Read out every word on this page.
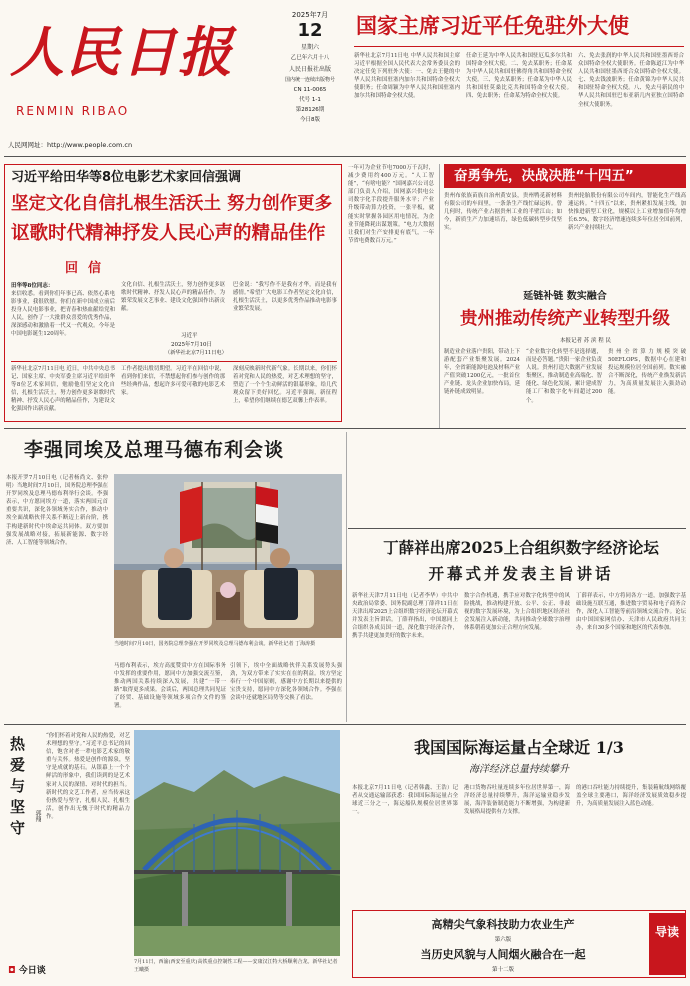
人民日报
RENMIN RIBAO
人民网网址：http://www.people.com.cn
2025年7月
12
星期六
乙巳年六月十八
人民日报社出版
国内统一连续出版物号
CN 11-0065
代号 1-1
第28126期
今日8版
国家主席习近平任免驻外大使
新华社北京7月11日电 中华人民共和国主席习近平根据全国人民代表大会常务委员会的决定任免下列驻外大使：一、免去王健的中华人民共和国驻塞内加尔共和国特命全权大使职务；任命周颖为中华人民共和国驻塞内加尔共和国特命全权大使。
任命王延为中华人民共和国驻厄瓜多尔共和国特命全权大使。二、免去某职务；任命某为中华人民共和国驻佛得角共和国特命全权大使。三、免去某职务；任命某为中华人民共和国驻莫桑比克共和国特命全权大使。四、免去职务；任命某为特命全权大使。
六、免去张润的中华人民共和国驻墨西哥合众国特命全权大使职务。任命陈道江为中华人民共和国驻墨西哥合众国特命全权大使。七、免去钱波职务；任命黄锦为中华人民共和国驻特命全权大使。八、免去马新民的中华人民共和国驻巴布亚新几内亚独立国特命全权大使职务。
习近平给田华等8位电影艺术家回信强调
坚定文化自信扎根生活沃土 努力创作更多
讴歌时代精神抒发人民心声的精品佳作
回信
田华等8位同志：
来信收悉。看到你们年事已高、依然心系电影事业，我很欣慰。你们在新中国成立前后投身人民电影事业，把青春和热血献给党和人民，创作了一大批群众喜爱的优秀作品，深深感动和激励着一代又一代观众。今年是中国电影诞生120周年。
文化自信、扎根生活沃土，努力创作更多讴歌时代精神、抒发人民心声的精品佳作，为繁荣发展文艺事业、建设文化强国作出新贡献。
习近平
2025年7月10日
（新华社北京7月11日电）
巴金说：“我写作不是我有才华，而是我有感情。”希望广大电影工作者坚定文化自信，扎根生活沃土，以更多优秀作品推动电影事业繁荣发展。
新华社北京7月11日电 近日，中共中央总书记、国家主席、中央军委主席习近平给田华等8位艺术家回信，勉励他们坚定文化自信，扎根生活沃土，努力创作更多讴歌时代精神、抒发人民心声的精品佳作，为建设文化强国作出新贡献。
工作者提出殷切期望。习近平在回信中说，看到你们来信，不禁想起你们参与创作的那些经典作品，想起许多可爱可敬的电影艺术家。
深刻反映新时代新气象。长期以来，你们怀着对党和人民的热爱，对艺术理想的坚守，塑造了一个个生动鲜活的银幕形象，给几代观众留下美好回忆。习近平强调，新征程上，希望你们继续在德艺双馨上作表率。
一年可为企业节电7000万千瓦时，减少费用约400万元。“人工智能”，“有啥电能？”国网嘉兴公司总部门负责人介绍，国网嘉兴供电公司数字化手段提升服务水平；产业升级带动算力投资，一张平板，就能实时掌握各园区用电情况，为企业节能降耗出谋划策。“电力大数据让我们对生产安排更有底气，一年节省电费数百万元。”
奋勇争先，决战决胜“十四五”
贵州布依族苗族自治州黄安县，贵州鸭觅新材料有限公司的车间里，一条条生产线忙碌运转。曾几何时，传统产业占据贵州工业的半壁江山；如今，新质生产力加速培育，绿色低碳转型步伐坚实。
贵州轮胎股份有限公司车间内，智能化生产线高速运转。“十四五”以来，贵州紧扣发展主线，加快推进新型工业化，规模以上工业增加值年均增长6.5%，数字经济增速连续多年位居全国前列，新兴产业持续壮大。
延链补链 数实融合
贵州推动传统产业转型升级
本报记者 苏 滨 程 民
制造业企业落户贵阳，带动上下游配套产业集聚发展。2024年，全省新能源电池及材料产业产值突破1200亿元，一批首位产业链、龙头企业加快布局，延链补链成效明显。
“企业数字化转型不是选择题，而是必答题。”贵阳一家企业负责人说。贵州打造大数据产业发展集聚区，推动制造业高端化、智能化、绿色化发展，累计建成智能工厂和数字化车间超过200个。
贵州全省算力规模突破50EFLOPS，数据中心在建和投运规模位居全国前列。数实融合不断深化，传统产业焕发新活力，为高质量发展注入强劲动能。
李强同埃及总理马德布利会谈
本报开罗7月10日电（记者杨尚文、张仲明）当地时间7月10日，国务院总理李强在开罗同埃及总理马德布利举行会谈。李强表示，中方愿同埃方一道，落实两国元首重要共识，深化各领域务实合作，推动中埃全面战略伙伴关系不断迈上新台阶，携手构建新时代中埃命运共同体。双方要加强发展战略对接，拓展新能源、数字经济、人工智能等领域合作。
当地时间7月10日，国务院总理李强在开罗同埃及总理马德布利会谈。新华社记者 丁海涛摄
马德布利表示，埃方高度赞赏中方在国际事务中发挥的重要作用，愿同中方加强交流互鉴，推动两国关系持续深入发展，共建“一带一路”取得更多成果。会谈后，两国总理共同见证了经贸、基础设施等领域多项合作文件的签署。
引领下，埃中全面战略伙伴关系发展势头强劲，为双方带来了实实在在的利益。埃方坚定奉行一个中国原则，感谢中方长期以来提供的宝贵支持，愿同中方深化各领域合作。李强在会谈中还就地区局势等交换了看法。
丁薛祥出席2025上合组织数字经济论坛
开幕式并发表主旨讲话
新华社天津7月11日电（记者李华）中共中央政治局常委、国务院副总理丁薛祥11日在天津出席2025上合组织数字经济论坛开幕式并发表主旨讲话。丁薛祥指出，中国愿同上合组织各成员国一道，深化数字经济合作，携手共建更加美好的数字未来。
数字合作机遇，携手应对数字化转型中的风险挑战，推动构建开放、公平、公正、非歧视的数字发展环境，为上合组织地区经济社会发展注入新动能，共同推动全球数字治理体系朝着更加公正合理方向发展。
丁薛祥表示，中方将同各方一道，加强数字基础设施互联互通，推进数字贸易和电子商务合作，深化人工智能等前沿领域交流合作。论坛由中国国家网信办、天津市人民政府共同主办，来自30多个国家和地区的代表参加。
热爱与坚守	郭翔
“你们怀着对党和人民的热爱，对艺术理想的坚守。”习近平总书记的回信，饱含对老一辈电影艺术家的敬重与关怀。热爱是创作的源泉，坚守是成就的基石。从银幕上一个个鲜活的形象中，我们读到的是艺术家对人民的深情、对时代的担当。新时代的文艺工作者，应当传承这份热爱与坚守，扎根人民、扎根生活，创作出无愧于时代的精品力作。
7月11日，西渝(西安至重庆)高铁重点控制性工程——安康汉江特大桥顺利合龙。新华社记者 王曦摄
我国国际海运量占全球近 1/3
海洋经济总量持续攀升
本报北京7月11日电（记者韩鑫、王浩）记者从交通运输部获悉：我国国际海运量占全球近三分之一，海运船队规模位居世界第一。
港口货物吞吐量连续多年位居世界第一，海洋经济总量持续攀升，海洋运输业稳步发展，海洋装备制造能力不断增强，为构建新发展格局提供有力支撑。
的港口吞吐能力持续提升，集装箱航线网络覆盖全球主要港口，海洋经济发展质效稳步提升，为高质量发展注入蓝色动能。
导读
高精尖气象科技助力农业生产
第六版
当历史风貌与人间烟火融合在一起
第十二版
◘ 今日谈
